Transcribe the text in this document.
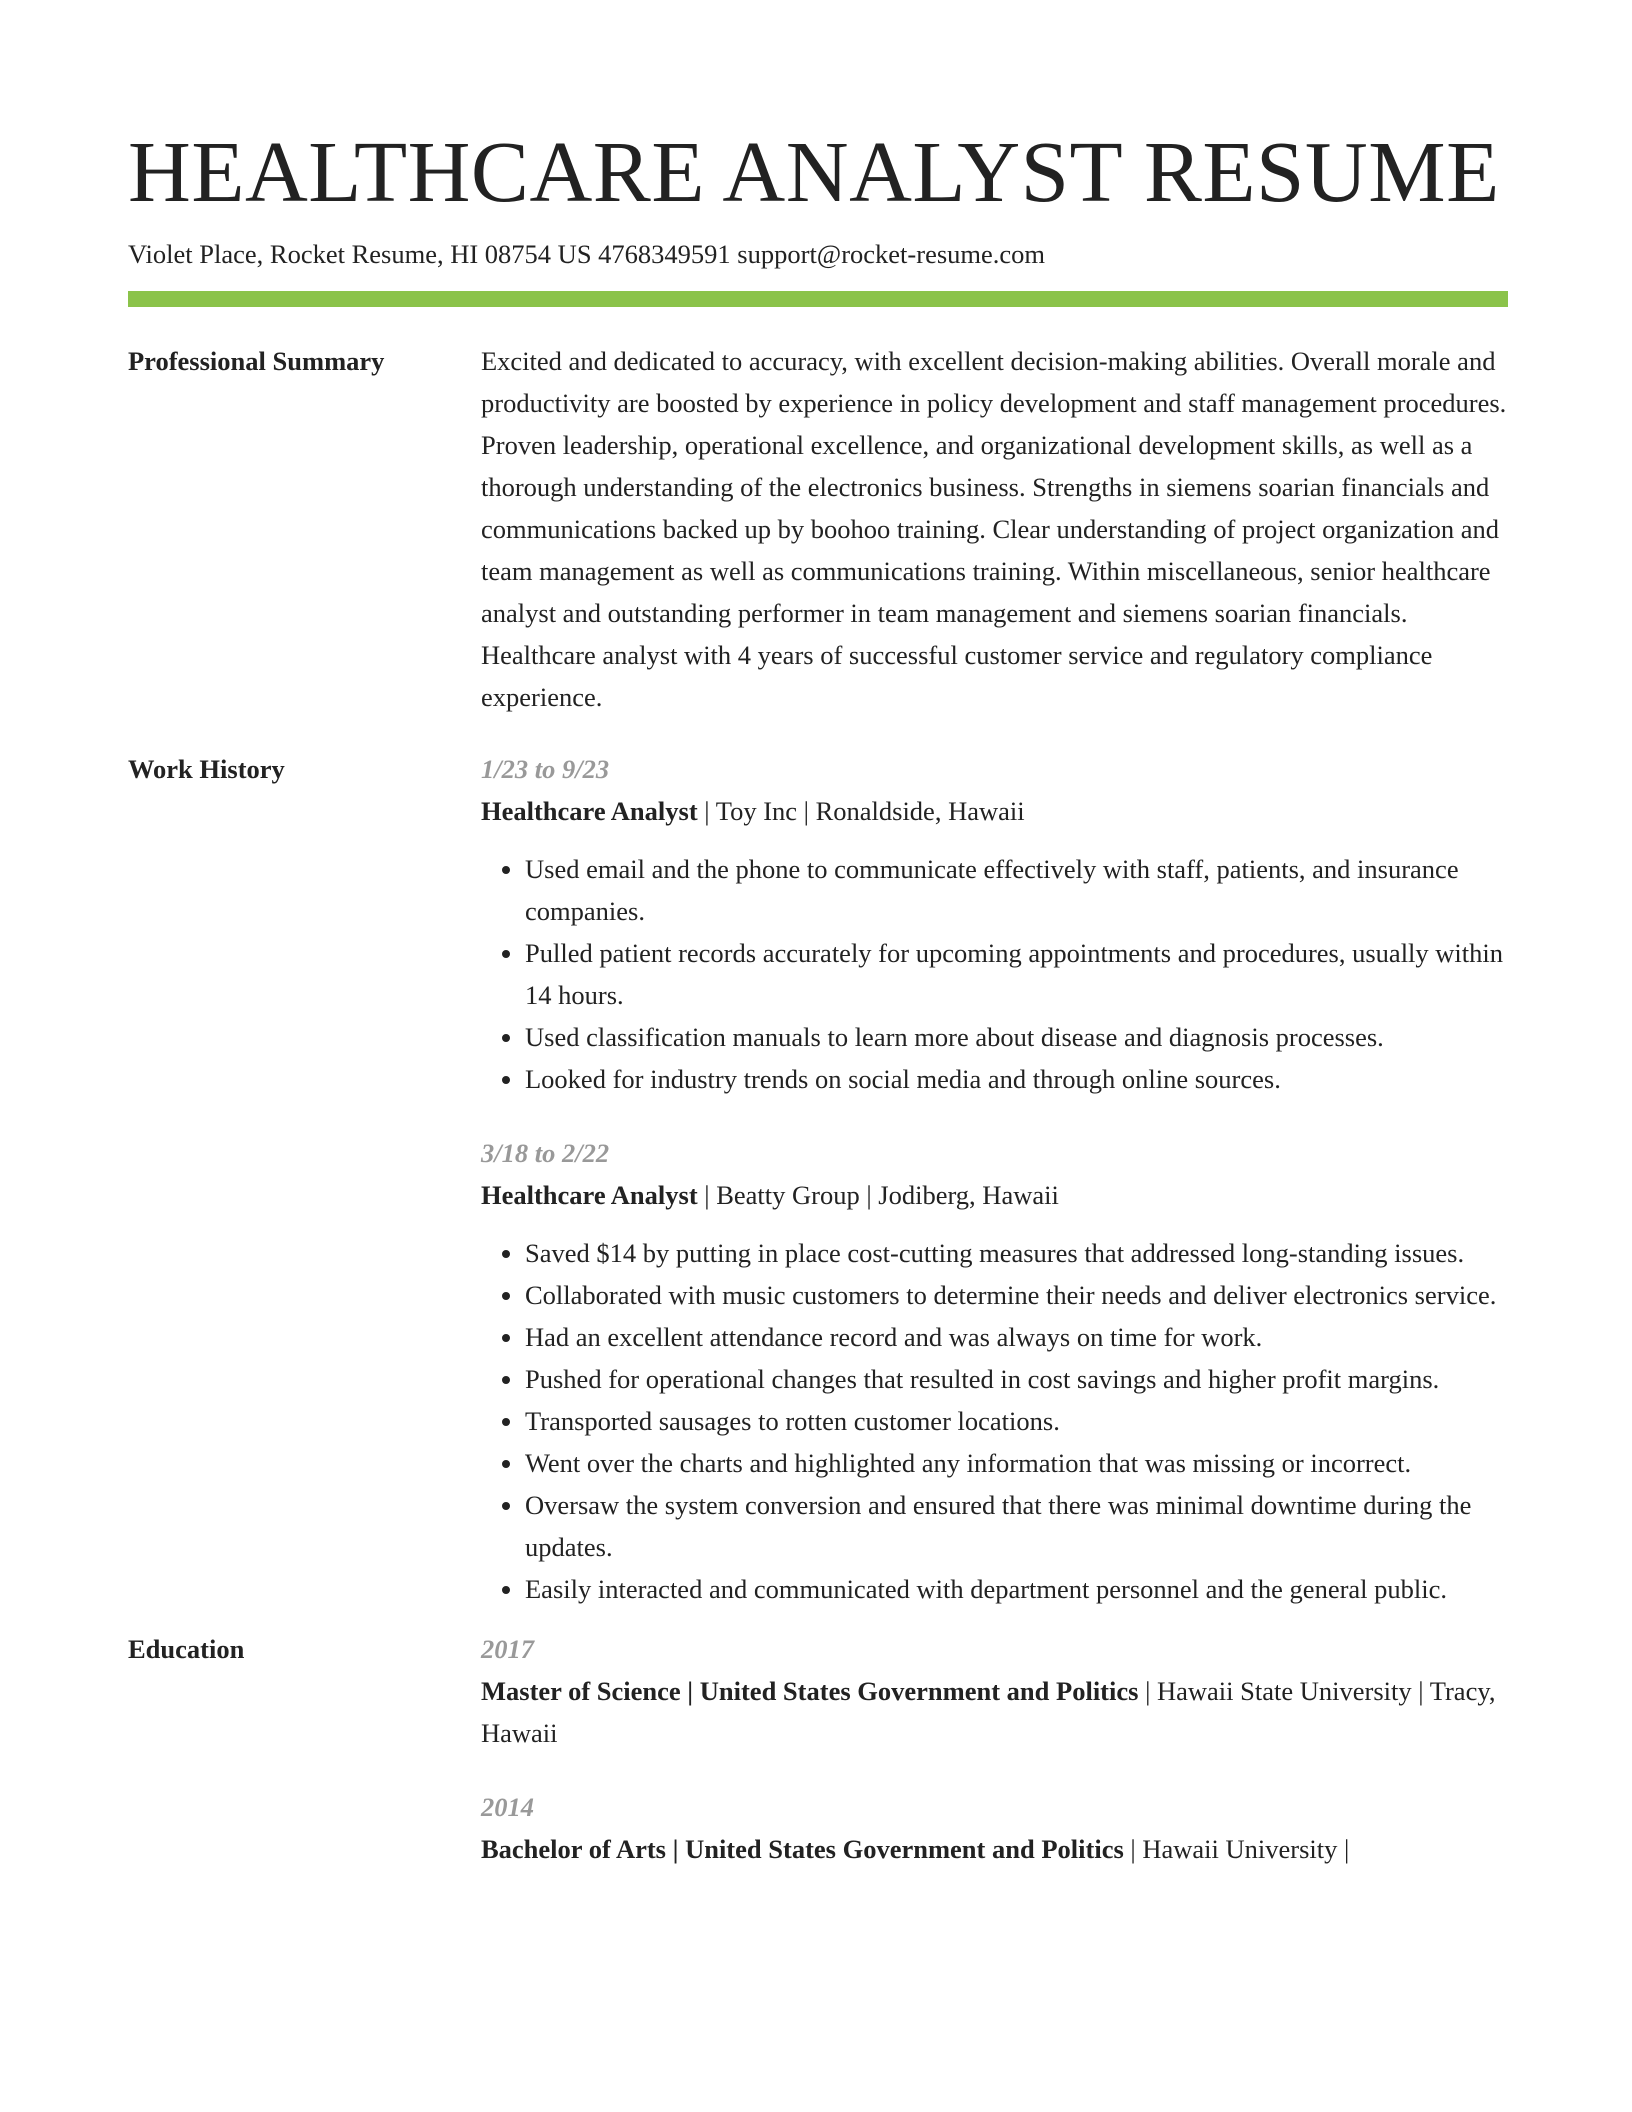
HEALTHCARE ANALYST RESUME
Violet Place, Rocket Resume, HI 08754 US 4768349591 support@rocket-resume.com
Professional Summary	Excited and dedicated to accuracy, with excellent decision-making abilities. Overall morale and productivity are boosted by experience in policy development and staff management procedures. Proven leadership, operational excellence, and organizational development skills, as well as a thorough understanding of the electronics business. Strengths in siemens soarian financials and communications backed up by boohoo training. Clear understanding of project organization and team management as well as communications training. Within miscellaneous, senior healthcare analyst and outstanding performer in team management and siemens soarian financials. Healthcare analyst with 4 years of successful customer service and regulatory compliance experience.

Work History	1/23 to 9/23
Healthcare Analyst | Toy Inc | Ronaldside, Hawaii
• Used email and the phone to communicate effectively with staff, patients, and insurance companies.
• Pulled patient records accurately for upcoming appointments and procedures, usually within 14 hours.
• Used classification manuals to learn more about disease and diagnosis processes.
• Looked for industry trends on social media and through online sources.
3/18 to 2/22
Healthcare Analyst | Beatty Group | Jodiberg, Hawaii
• Saved $14 by putting in place cost-cutting measures that addressed long-standing issues.
• Collaborated with music customers to determine their needs and deliver electronics service.
• Had an excellent attendance record and was always on time for work.
• Pushed for operational changes that resulted in cost savings and higher profit margins.
• Transported sausages to rotten customer locations.
• Went over the charts and highlighted any information that was missing or incorrect.
• Oversaw the system conversion and ensured that there was minimal downtime during the updates.
• Easily interacted and communicated with department personnel and the general public.
Education	2017
Master of Science | United States Government and Politics | Hawaii State University | Tracy, Hawaii
2014
Bachelor of Arts | United States Government and Politics | Hawaii University |
